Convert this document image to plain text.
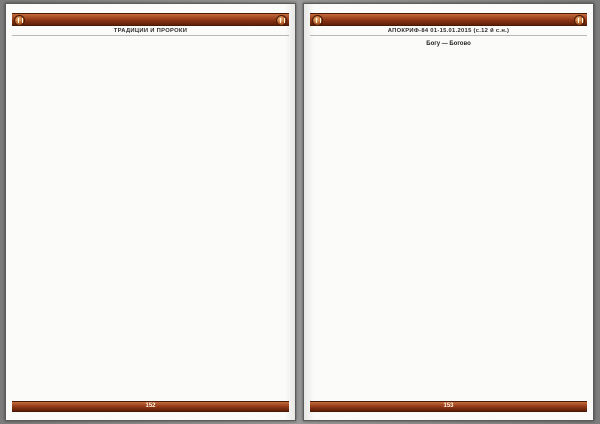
ТРАДИЦИИ И ПРОРОКИ
152
АПОКРИФ-84 01-15.01.2015 (с.12 й с.н.)
Богу — Богово
153
